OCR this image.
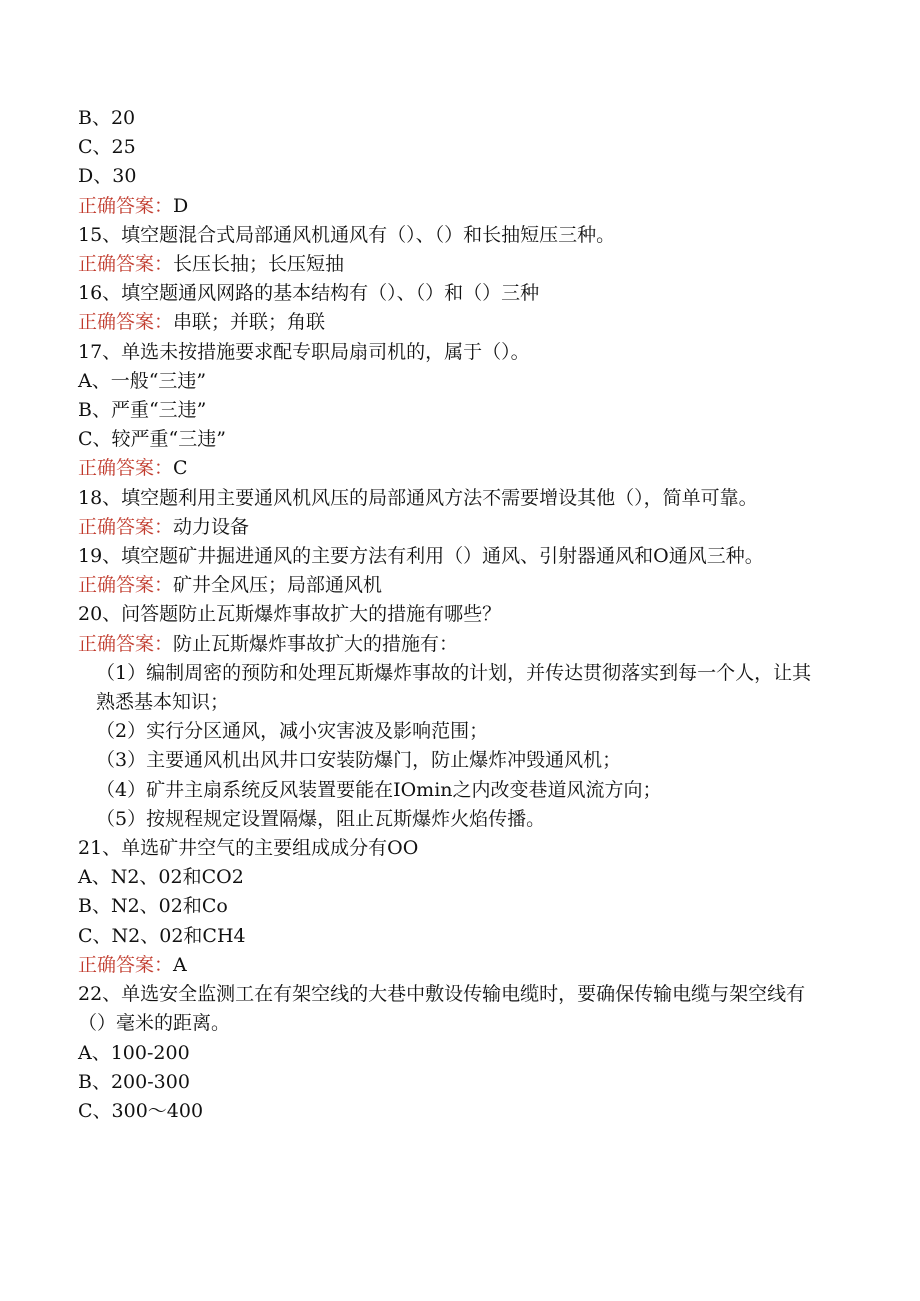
B、20

C、25

D、30

正确答案：D

15、填空题混合式局部通风机通风有（）、（）和长抽短压三种。

正确答案：长压长抽；长压短抽

16、填空题通风网路的基本结构有（）、（）和（）三种

正确答案：串联；并联；角联

17、单选未按措施要求配专职局扇司机的，属于（）。

A、一般“三违”

B、严重“三违”

C、较严重“三违”

正确答案：C

18、填空题利用主要通风机风压的局部通风方法不需要增设其他（），简单可靠。

正确答案：动力设备

19、填空题矿井掘进通风的主要方法有利用（）通风、引射器通风和O通风三种。

正确答案：矿井全风压；局部通风机

20、问答题防止瓦斯爆炸事故扩大的措施有哪些？

正确答案：防止瓦斯爆炸事故扩大的措施有：

（1）编制周密的预防和处理瓦斯爆炸事故的计划，并传达贯彻落实到每一个人，让其熟悉基本知识；

（2）实行分区通风，减小灾害波及影响范围；

（3）主要通风机出风井口安装防爆门，防止爆炸冲毁通风机；

（4）矿井主扇系统反风装置要能在IOmin之内改变巷道风流方向；

（5）按规程规定设置隔爆，阻止瓦斯爆炸火焰传播。

21、单选矿井空气的主要组成成分有OO

A、N2、02和CO2

B、N2、02和Co

C、N2、02和CH4

正确答案：A

22、单选安全监测工在有架空线的大巷中敷设传输电缆时，要确保传输电缆与架空线有（）毫米的距离。

A、100-200

B、200-300

C、300～400
